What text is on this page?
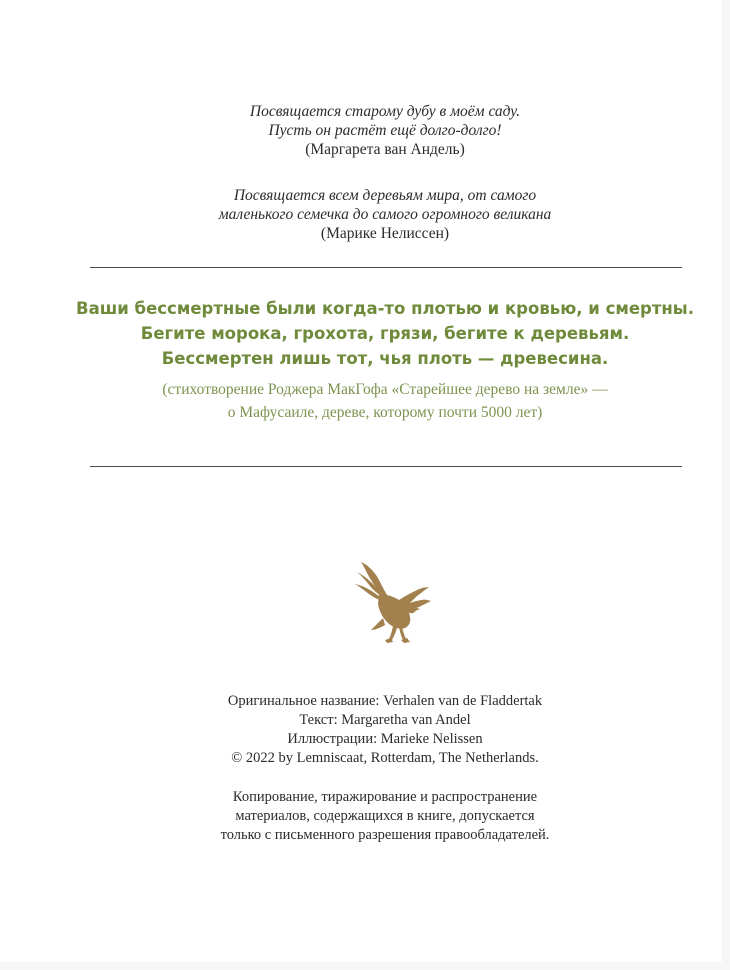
Посвящается старому дубу в моём саду.
Пусть он растёт ещё долго-долго!
(Маргарета ван Андель)
Посвящается всем деревьям мира, от самого
маленького семечка до самого огромного великана
(Марике Нелиссен)
Ваши бессмертные были когда-то плотью и кровью, и смертны.
Бегите морока, грохота, грязи, бегите к деревьям.
Бессмертен лишь тот, чья плоть — древесина.
(стихотворение Роджера МакГофа «Старейшее дерево на земле» —
о Мафусаиле, дереве, которому почти 5000 лет)
Оригинальное название: Verhalen van de Fladdertak
Текст: Margaretha van Andel
Иллюстрации: Marieke Nelissen
© 2022 by Lemniscaat, Rotterdam, The Netherlands.
Копирование, тиражирование и распространение
материалов, содержащихся в книге, допускается
только с письменного разрешения правообладателей.
